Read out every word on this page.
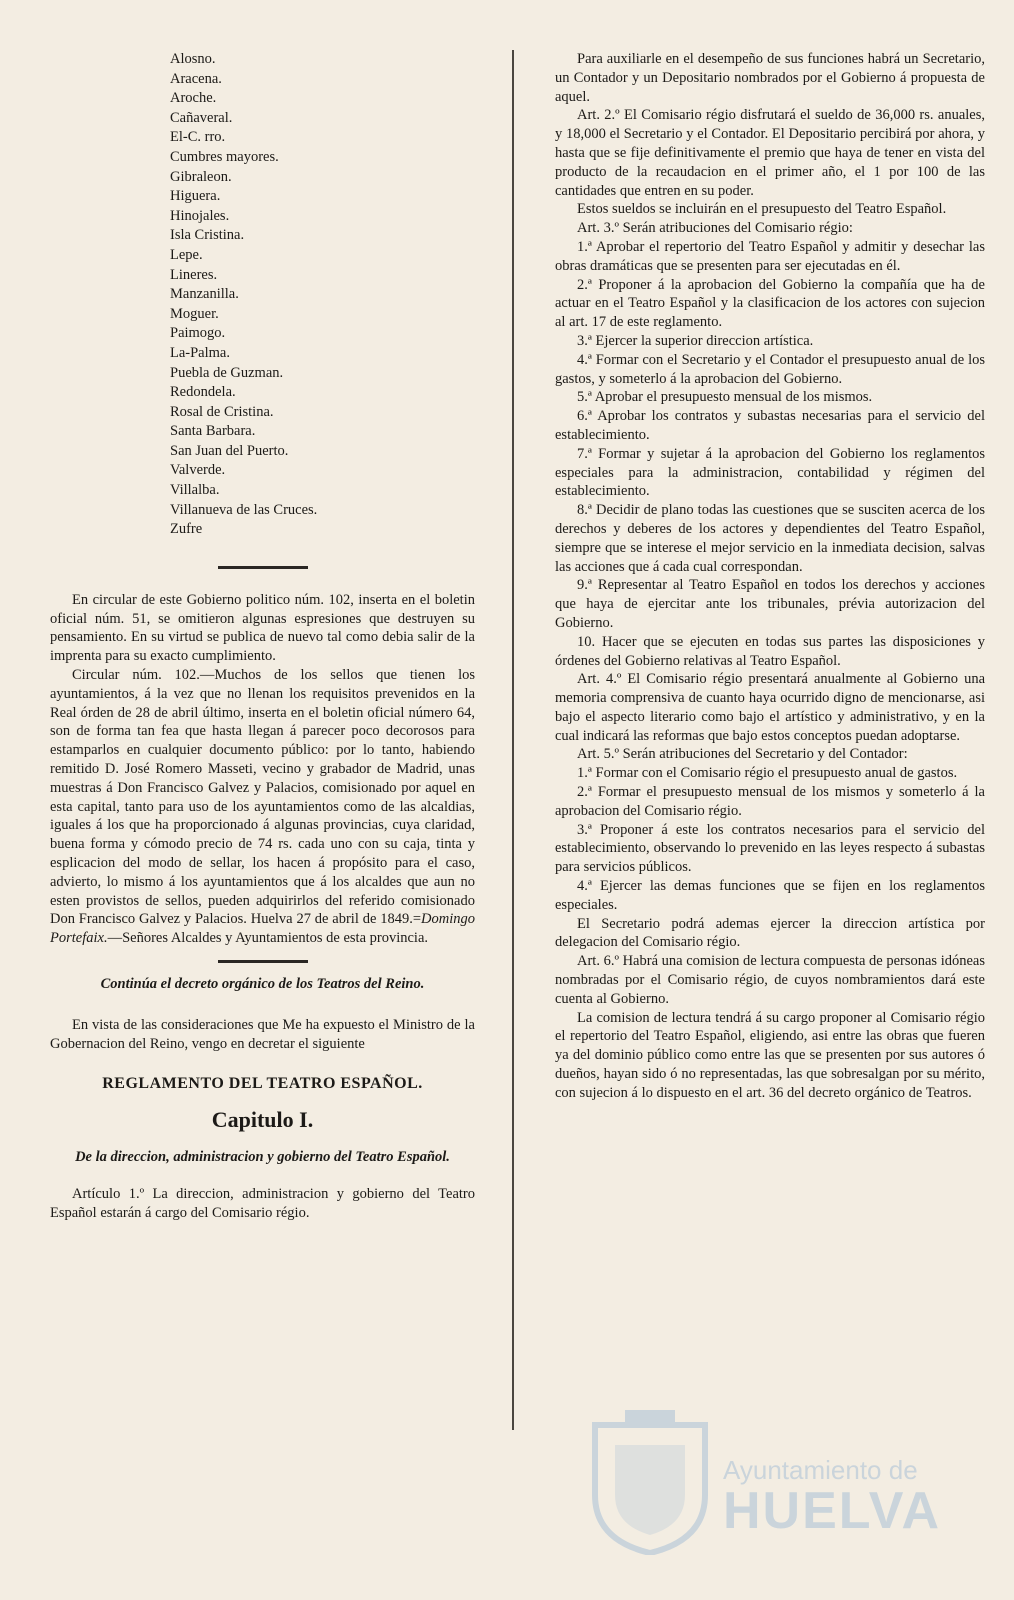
Alosno.
Aracena.
Aroche.
Cañaveral.
El-C. rro.
Cumbres mayores.
Gibraleon.
Higuera.
Hinojales.
Isla Cristina.
Lepe.
Lineres.
Manzanilla.
Moguer.
Paimogo.
La-Palma.
Puebla de Guzman.
Redondela.
Rosal de Cristina.
Santa Barbara.
San Juan del Puerto.
Valverde.
Villalba.
Villanueva de las Cruces.
Zufre

En circular de este Gobierno politico núm. 102, inserta en el boletin oficial núm. 51, se omitieron algunas espresiones que destruyen su pensamiento. En su virtud se publica de nuevo tal como debia salir de la imprenta para su exacto cumplimiento.

Circular núm. 102.—Muchos de los sellos que tienen los ayuntamientos, á la vez que no llenan los requisitos prevenidos en la Real órden de 28 de abril último, inserta en el boletin oficial número 64, son de forma tan fea que hasta llegan á parecer poco decorosos para estamparlos en cualquier documento público: por lo tanto, habiendo remitido D. José Romero Masseti, vecino y grabador de Madrid, unas muestras á Don Francisco Galvez y Palacios, comisionado por aquel en esta capital, tanto para uso de los ayuntamientos como de las alcaldias, iguales á los que ha proporcionado á algunas provincias, cuya claridad, buena forma y cómodo precio de 74 rs. cada uno con su caja, tinta y esplicacion del modo de sellar, los hacen á propósito para el caso, advierto, lo mismo á los ayuntamientos que á los alcaldes que aun no esten provistos de sellos, pueden adquirirlos del referido comisionado Don Francisco Galvez y Palacios. Huelva 27 de abril de 1849.=Domingo Portefaix.—Señores Alcaldes y Ayuntamientos de esta provincia.

Continúa el decreto orgánico de los Teatros del Reino.

En vista de las consideraciones que Me ha expuesto el Ministro de la Gobernacion del Reino, vengo en decretar el siguiente

REGLAMENTO DEL TEATRO ESPAÑOL.
Capitulo I.
De la direccion, administracion y gobierno del Teatro Español.

Artículo 1.º La direccion, administracion y gobierno del Teatro Español estarán á cargo del Comisario régio.

Para auxiliarle en el desempeño de sus funciones habrá un Secretario, un Contador y un Depositario nombrados por el Gobierno á propuesta de aquel.

Art. 2.º El Comisario régio disfrutará el sueldo de 36,000 rs. anuales, y 18,000 el Secretario y el Contador. El Depositario percibirá por ahora, y hasta que se fije definitivamente el premio que haya de tener en vista del producto de la recaudacion en el primer año, el 1 por 100 de las cantidades que entren en su poder.

Estos sueldos se incluirán en el presupuesto del Teatro Español.

Art. 3.º Serán atribuciones del Comisario régio:

1.ª Aprobar el repertorio del Teatro Español y admitir y desechar las obras dramáticas que se presenten para ser ejecutadas en él.

2.ª Proponer á la aprobacion del Gobierno la compañía que ha de actuar en el Teatro Español y la clasificacion de los actores con sujecion al art. 17 de este reglamento.

3.ª Ejercer la superior direccion artística.

4.ª Formar con el Secretario y el Contador el presupuesto anual de los gastos, y someterlo á la aprobacion del Gobierno.

5.ª Aprobar el presupuesto mensual de los mismos.

6.ª Aprobar los contratos y subastas necesarias para el servicio del establecimiento.

7.ª Formar y sujetar á la aprobacion del Gobierno los reglamentos especiales para la administracion, contabilidad y régimen del establecimiento.

8.ª Decidir de plano todas las cuestiones que se susciten acerca de los derechos y deberes de los actores y dependientes del Teatro Español, siempre que se interese el mejor servicio en la inmediata decision, salvas las acciones que á cada cual correspondan.

9.ª Representar al Teatro Español en todos los derechos y acciones que haya de ejercitar ante los tribunales, prévia autorizacion del Gobierno.

10. Hacer que se ejecuten en todas sus partes las disposiciones y órdenes del Gobierno relativas al Teatro Español.

Art. 4.º El Comisario régio presentará anualmente al Gobierno una memoria comprensiva de cuanto haya ocurrido digno de mencionarse, asi bajo el aspecto literario como bajo el artístico y administrativo, y en la cual indicará las reformas que bajo estos conceptos puedan adoptarse.

Art. 5.º Serán atribuciones del Secretario y del Contador:

1.ª Formar con el Comisario régio el presupuesto anual de gastos.

2.ª Formar el presupuesto mensual de los mismos y someterlo á la aprobacion del Comisario régio.

3.ª Proponer á este los contratos necesarios para el servicio del establecimiento, observando lo prevenido en las leyes respecto á subastas para servicios públicos.

4.ª Ejercer las demas funciones que se fijen en los reglamentos especiales.

El Secretario podrá ademas ejercer la direccion artística por delegacion del Comisario régio.

Art. 6.º Habrá una comision de lectura compuesta de personas idóneas nombradas por el Comisario régio, de cuyos nombramientos dará este cuenta al Gobierno.

La comision de lectura tendrá á su cargo proponer al Comisario régio el repertorio del Teatro Español, eligiendo, asi entre las obras que fueren ya del dominio público como entre las que se presenten por sus autores ó dueños, hayan sido ó no representadas, las que sobresalgan por su mérito, con sujecion á lo dispuesto en el art. 36 del decreto orgánico de Teatros.

Ayuntamiento de
HUELVA
